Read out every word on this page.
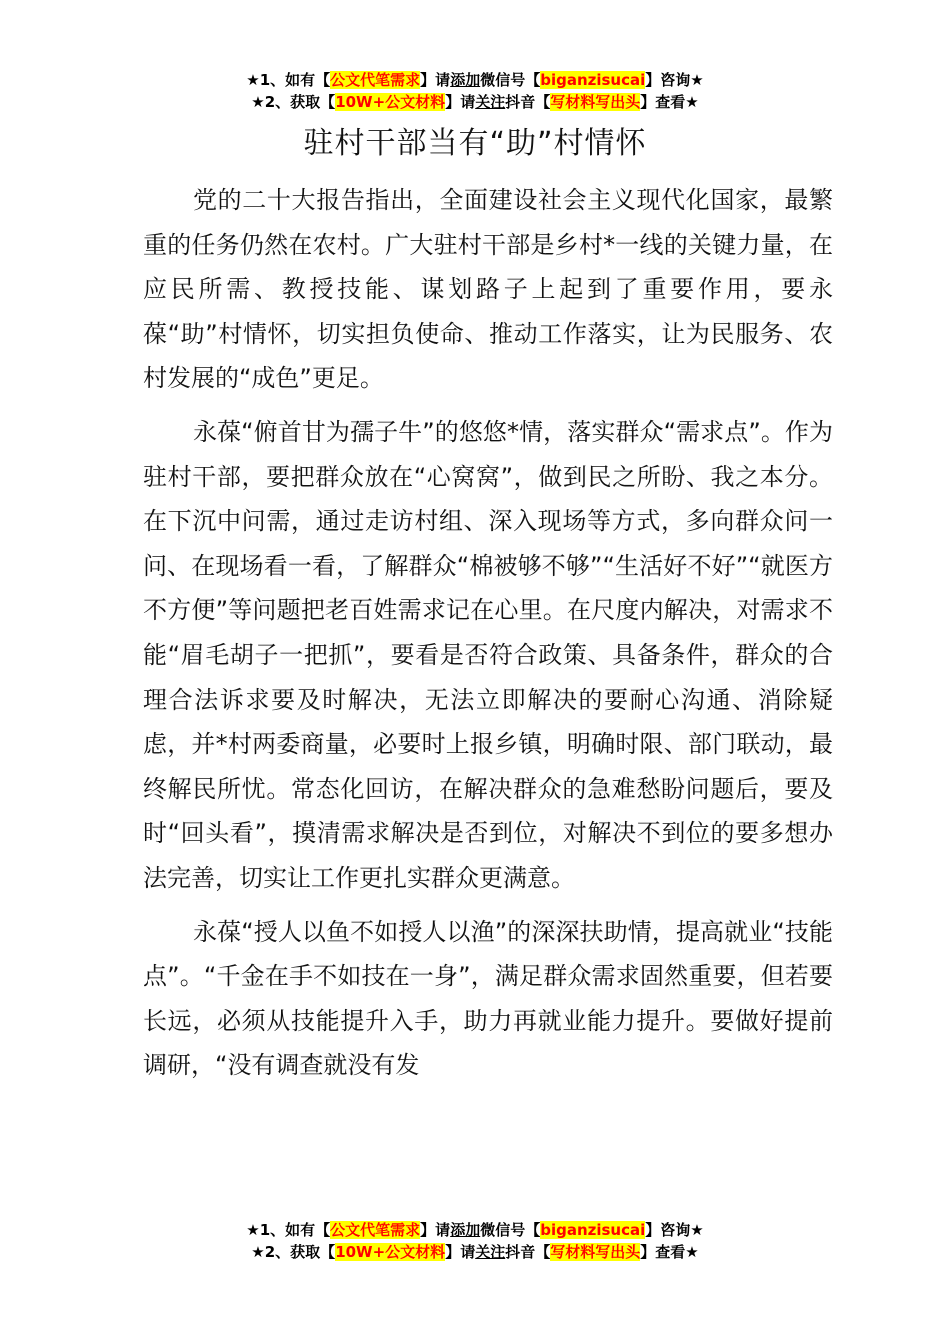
★1、如有【公文代笔需求】请添加微信号【biganzisucai】咨询★
★2、获取【10W+公文材料】请关注抖音【写材料写出头】查看★
驻村干部当有“助”村情怀

党的二十大报告指出，全面建设社会主义现代化国家，最繁重的任务仍然在农村。广大驻村干部是乡村*一线的关键力量，在应民所需、教授技能、谋划路子上起到了重要作用，要永葆“助”村情怀，切实担负使命、推动工作落实，让为民服务、农村发展的“成色”更足。

永葆“俯首甘为孺子牛”的悠悠*情，落实群众“需求点”。作为驻村干部，要把群众放在“心窝窝”，做到民之所盼、我之本分。在下沉中问需，通过走访村组、深入现场等方式，多向群众问一问、在现场看一看，了解群众“棉被够不够”“生活好不好”“就医方不方便”等问题把老百姓需求记在心里。在尺度内解决，对需求不能“眉毛胡子一把抓”，要看是否符合政策、具备条件，群众的合理合法诉求要及时解决，无法立即解决的要耐心沟通、消除疑虑，并*村两委商量，必要时上报乡镇，明确时限、部门联动，最终解民所忧。常态化回访，在解决群众的急难愁盼问题后，要及时“回头看”，摸清需求解决是否到位，对解决不到位的要多想办法完善，切实让工作更扎实群众更满意。

永葆“授人以鱼不如授人以渔”的深深扶助情，提高就业“技能点”。“千金在手不如技在一身”，满足群众需求固然重要，但若要长远，必须从技能提升入手，助力再就业能力提升。要做好提前调研，“没有调查就没有发

★1、如有【公文代笔需求】请添加微信号【biganzisucai】咨询★
★2、获取【10W+公文材料】请关注抖音【写材料写出头】查看★
